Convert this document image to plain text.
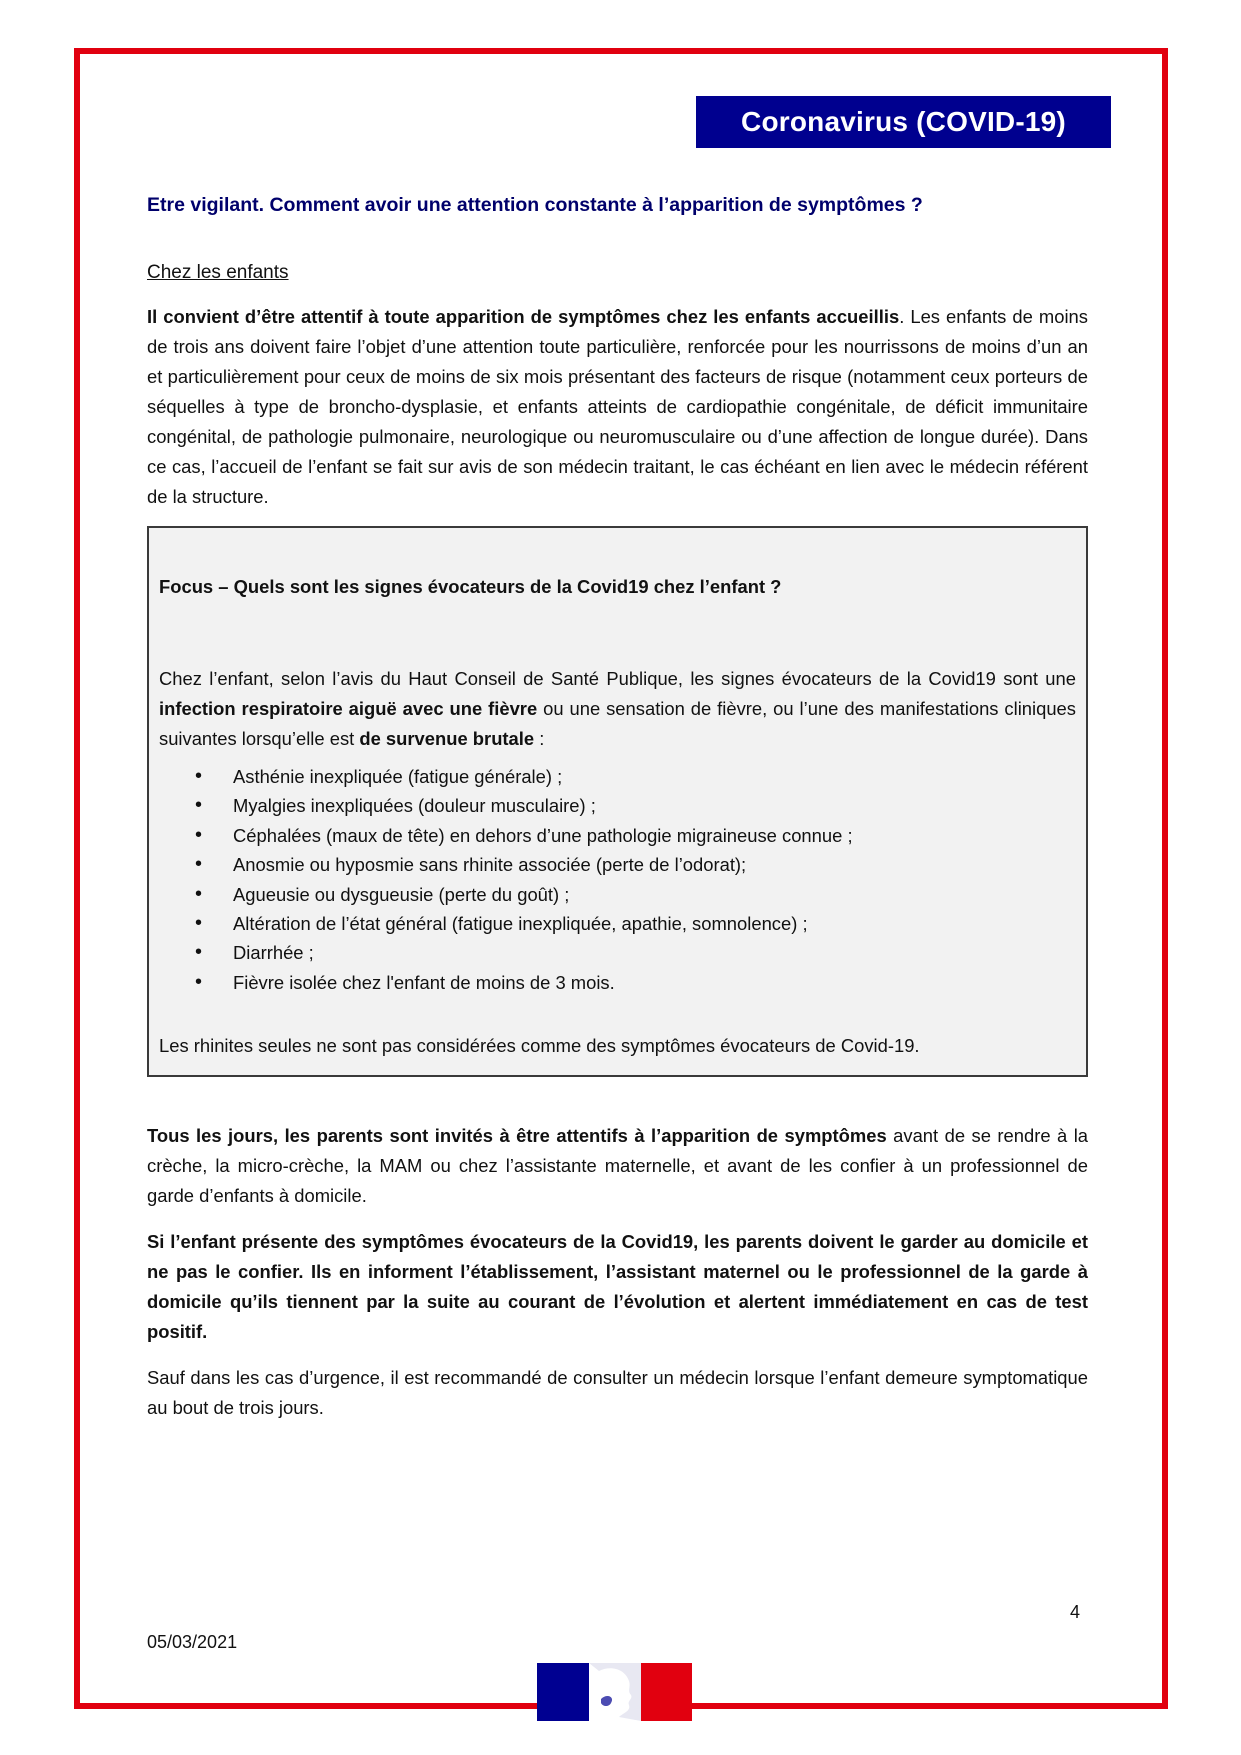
Coronavirus (COVID-19)
Etre vigilant. Comment avoir une attention constante à l’apparition de symptômes ?
Chez les enfants

Il convient d’être attentif à toute apparition de symptômes chez les enfants accueillis. Les enfants de moins de trois ans doivent faire l’objet d’une attention toute particulière, renforcée pour les nourrissons de moins d’un an et particulièrement pour ceux de moins de six mois présentant des facteurs de risque (notamment ceux porteurs de séquelles à type de broncho-dysplasie, et enfants atteints de cardiopathie congénitale, de déficit immunitaire congénital, de pathologie pulmonaire, neurologique ou neuromusculaire ou d’une affection de longue durée). Dans ce cas, l’accueil de l’enfant se fait sur avis de son médecin traitant, le cas échéant en lien avec le médecin référent de la structure.

Focus – Quels sont les signes évocateurs de la Covid19 chez l’enfant ?

Chez l’enfant, selon l’avis du Haut Conseil de Santé Publique, les signes évocateurs de la Covid19 sont une infection respiratoire aiguë avec une fièvre ou une sensation de fièvre, ou l’une des manifestations cliniques suivantes lorsqu’elle est de survenue brutale :

• Asthénie inexpliquée (fatigue générale) ;
• Myalgies inexpliquées (douleur musculaire) ;
• Céphalées (maux de tête) en dehors d’une pathologie migraineuse connue ;
• Anosmie ou hyposmie sans rhinite associée (perte de l’odorat);
• Agueusie ou dysgueusie (perte du goût) ;
• Altération de l’état général (fatigue inexpliquée, apathie, somnolence) ;
• Diarrhée ;
• Fièvre isolée chez l'enfant de moins de 3 mois.

Les rhinites seules ne sont pas considérées comme des symptômes évocateurs de Covid-19.

Tous les jours, les parents sont invités à être attentifs à l’apparition de symptômes avant de se rendre à la crèche, la micro-crèche, la MAM ou chez l’assistante maternelle, et avant de les confier à un professionnel de garde d’enfants à domicile.

Si l’enfant présente des symptômes évocateurs de la Covid19, les parents doivent le garder au domicile et ne pas le confier. Ils en informent l’établissement, l’assistant maternel ou le professionnel de la garde à domicile qu’ils tiennent par la suite au courant de l’évolution et alertent immédiatement en cas de test positif.

Sauf dans les cas d’urgence, il est recommandé de consulter un médecin lorsque l’enfant demeure symptomatique au bout de trois jours.

4
05/03/2021
